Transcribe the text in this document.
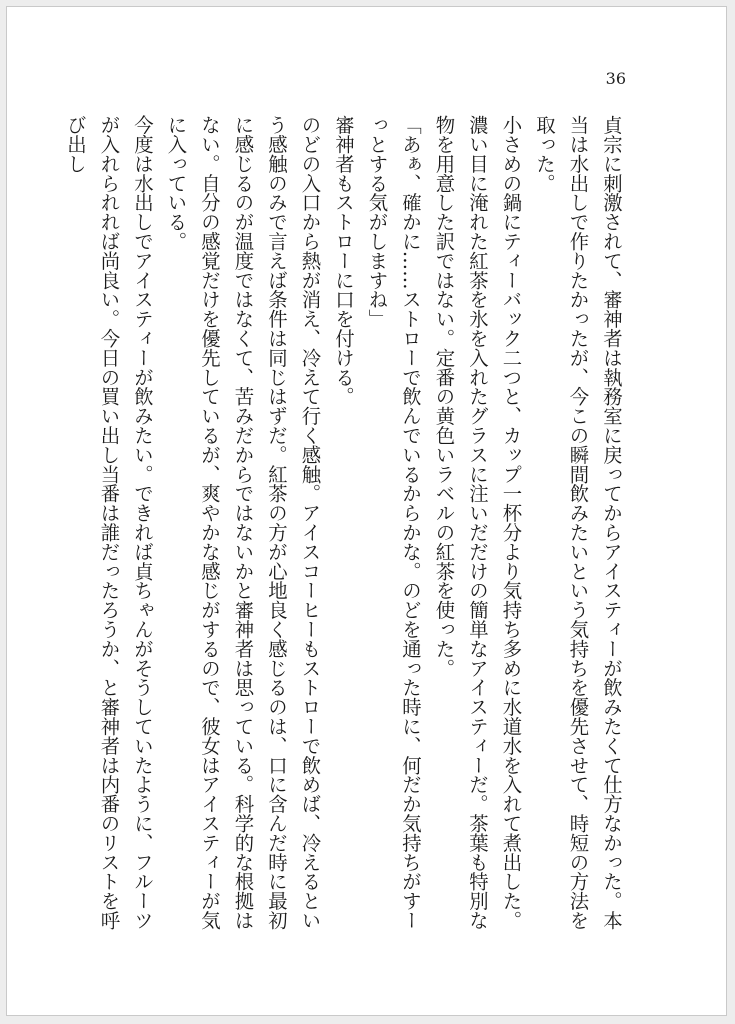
36

貞宗に刺激されて、審神者は執務室に戻ってからアイスティーが飲みたくて仕方なかった。本当は水出しで作りたかったが、今この瞬間飲みたいという気持ちを優先させて、時短の方法を取った。

小さめの鍋にティーバック二つと、カップ一杯分より気持ち多めに水道水を入れて煮出した。濃い目に淹れた紅茶を氷を入れたグラスに注いだだけの簡単なアイスティーだ。茶葉も特別な物を用意した訳ではない。定番の黄色いラベルの紅茶を使った。

「あぁ、確かに……ストローで飲んでいるからかな。のどを通った時に、何だか気持ちがすーっとする気がしますね」

審神者もストローに口を付ける。

のどの入口から熱が消え、冷えて行く感触。アイスコーヒーもストローで飲めば、冷えるという感触のみで言えば条件は同じはずだ。紅茶の方が心地良く感じるのは、口に含んだ時に最初に感じるのが温度ではなくて、苦みだからではないかと審神者は思っている。科学的な根拠はない。自分の感覚だけを優先しているが、爽やかな感じがするので、彼女はアイスティーが気に入っている。

今度は水出しでアイスティーが飲みたい。できれば貞ちゃんがそうしていたように、フルーツが入れられれば尚良い。今日の買い出し当番は誰だったろうか、と審神者は内番のリストを呼び出し
